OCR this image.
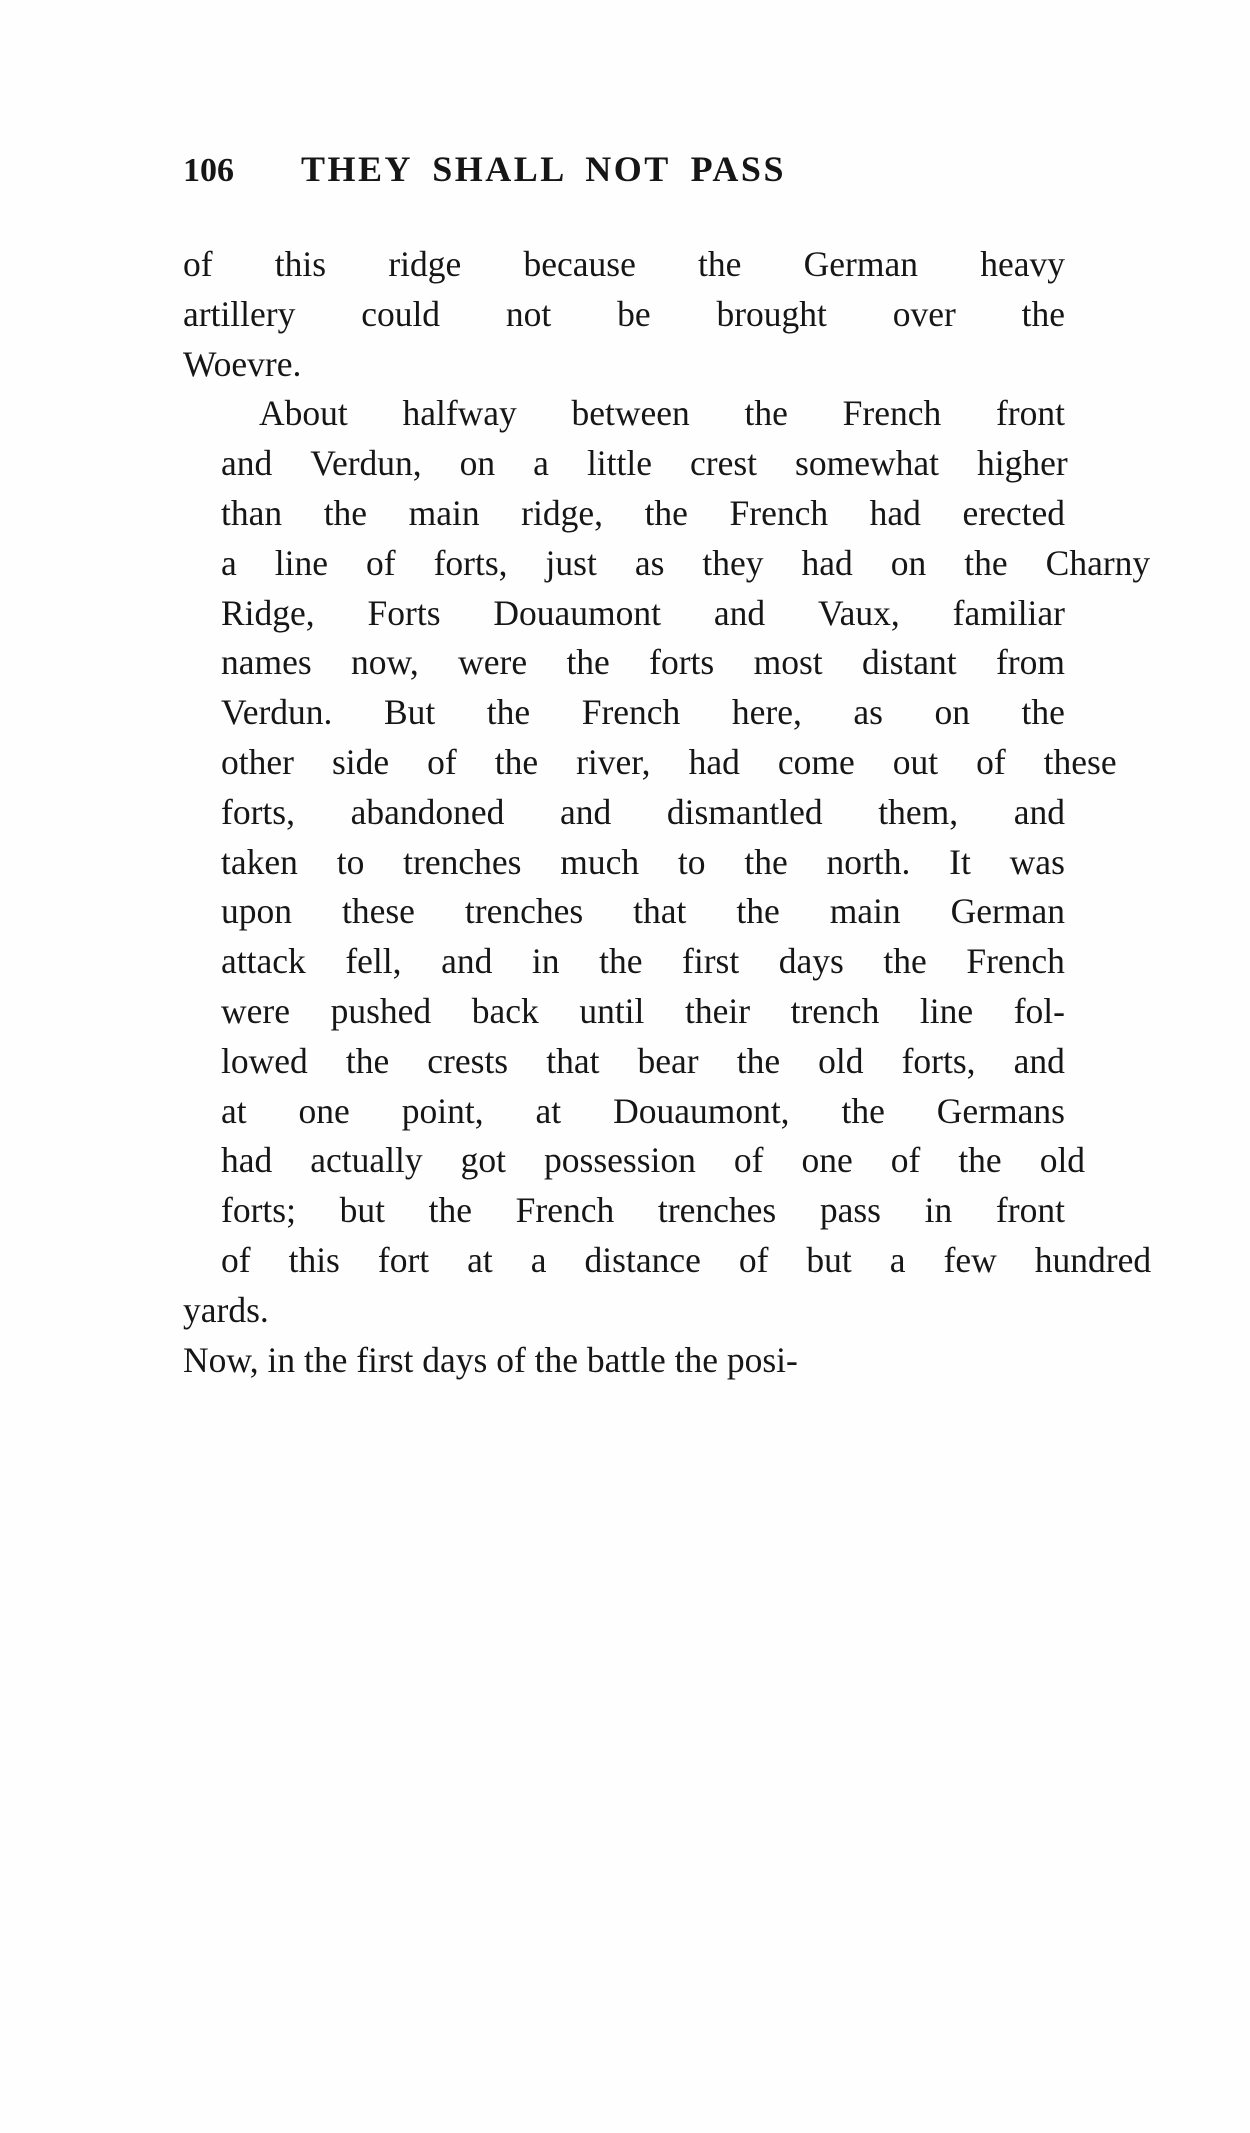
106	THEY SHALL NOT PASS

of this ridge because the German heavy
artillery could not be brought over the
Woevre.

About	halfway	between	the	French	front
and	Verdun,	on	a	little	crest	somewhat	higher
than	the	main	ridge,	the	French	had	erected
a	line	of	forts,	just	as	they	had	on	the	Charny
Ridge,	Forts	Douaumont	and	Vaux,	familiar
names	now,	were	the	forts	most	distant	from
Verdun.	But	the	French	here,	as	on	the
other	side	of	the	river,	had	come	out	of	these
forts,	abandoned	and	dismantled	them,	and
taken	to	trenches	much	to	the	north.	It	was
upon	these	trenches	that	the	main	German
attack	fell,	and	in	the	first	days	the	French
were	pushed	back	until	their	trench	line	fol-
lowed	the	crests	that	bear	the	old	forts,	and
at	one	point,	at	Douaumont,	the	Germans
had	actually	got	possession	of	one	of	the	old
forts;	but	the	French	trenches	pass	in	front
of	this	fort	at	a	distance	of	but	a	few	hundred
yards.

Now, in the first days of the battle the posi-
